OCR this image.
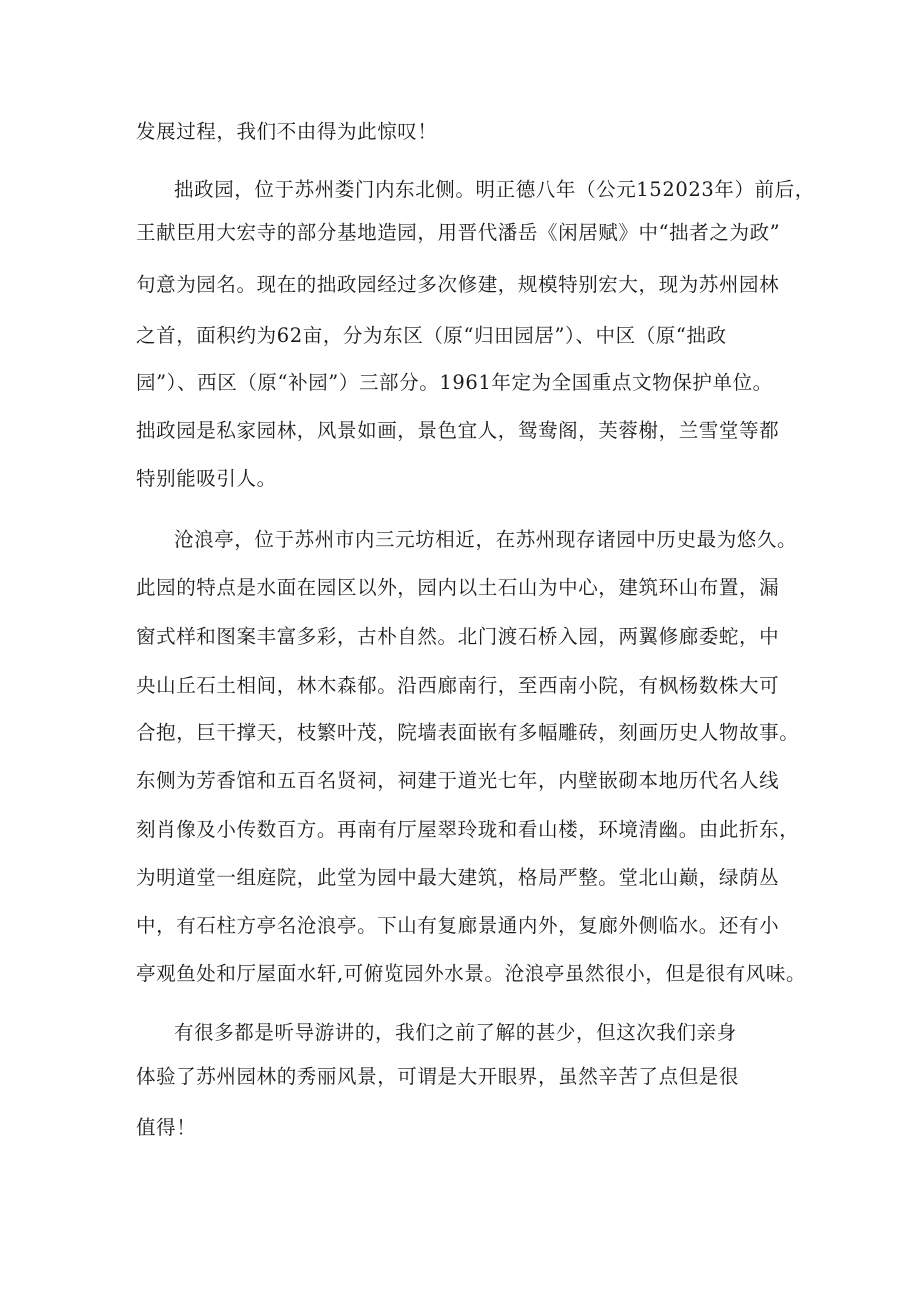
发展过程，我们不由得为此惊叹！
拙政园，位于苏州娄门内东北侧。明正德八年（公元152023年）前后，
王献臣用大宏寺的部分基地造园，用晋代潘岳《闲居赋》中“拙者之为政”
句意为园名。现在的拙政园经过多次修建，规模特别宏大，现为苏州园林
之首，面积约为62亩，分为东区（原“归田园居”）、中区（原“拙政
园”）、西区（原“补园”）三部分。1961年定为全国重点文物保护单位。
拙政园是私家园林，风景如画，景色宜人，鸳鸯阁，芙蓉榭，兰雪堂等都
特别能吸引人。
沧浪亭，位于苏州市内三元坊相近，在苏州现存诸园中历史最为悠久。
此园的特点是水面在园区以外，园内以土石山为中心，建筑环山布置，漏
窗式样和图案丰富多彩，古朴自然。北门渡石桥入园，两翼修廊委蛇，中
央山丘石土相间，林木森郁。沿西廊南行，至西南小院，有枫杨数株大可
合抱，巨干撑天，枝繁叶茂，院墙表面嵌有多幅雕砖，刻画历史人物故事。
东侧为芳香馆和五百名贤祠，祠建于道光七年，内壁嵌砌本地历代名人线
刻肖像及小传数百方。再南有厅屋翠玲珑和看山楼，环境清幽。由此折东，
为明道堂一组庭院，此堂为园中最大建筑，格局严整。堂北山巅，绿荫丛
中，有石柱方亭名沧浪亭。下山有复廊景通内外，复廊外侧临水。还有小
亭观鱼处和厅屋面水轩,可俯览园外水景。沧浪亭虽然很小，但是很有风味。
有很多都是听导游讲的，我们之前了解的甚少，但这次我们亲身
体验了苏州园林的秀丽风景，可谓是大开眼界，虽然辛苦了点但是很
值得！
